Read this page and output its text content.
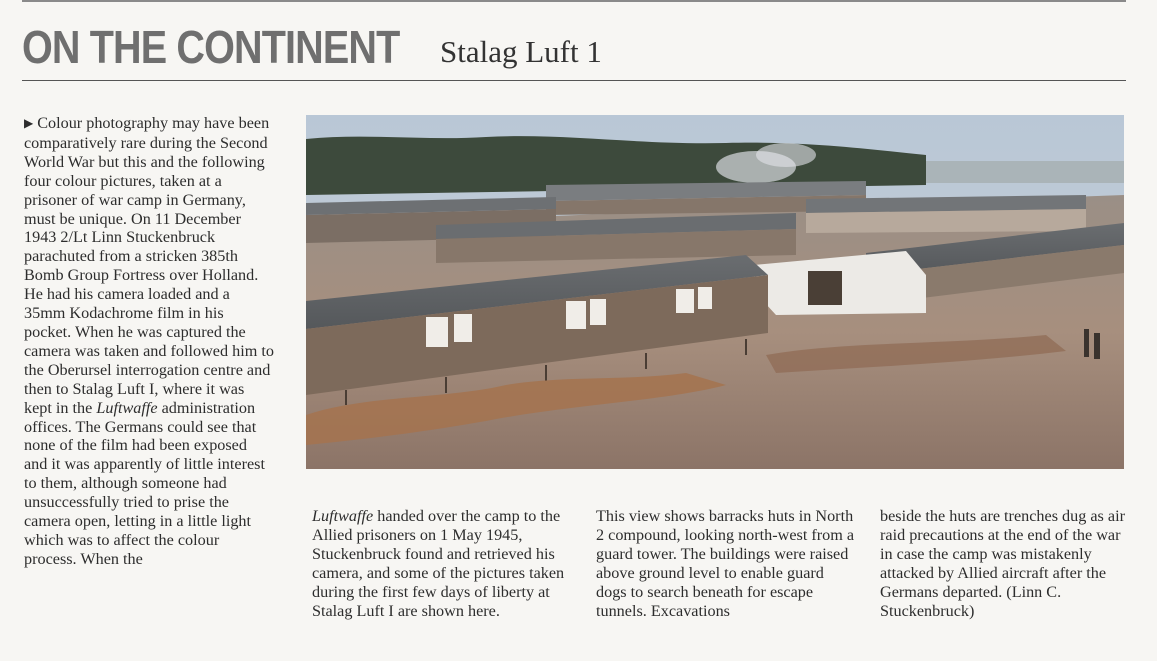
ON THE CONTINENT Stalag Luft 1

▶ Colour photography may have been comparatively rare during the Second World War but this and the following four colour pictures, taken at a prisoner of war camp in Germany, must be unique. On 11 December 1943 2/Lt Linn Stuckenbruck parachuted from a stricken 385th Bomb Group Fortress over Holland. He had his camera loaded and a 35mm Kodachrome film in his pocket. When he was captured the camera was taken and followed him to the Oberursel interrogation centre and then to Stalag Luft I, where it was kept in the Luftwaffe administration offices. The Germans could see that none of the film had been exposed and it was apparently of little interest to them, although someone had unsuccessfully tried to prise the camera open, letting in a little light which was to affect the colour process. When the

Luftwaffe handed over the camp to the Allied prisoners on 1 May 1945, Stuckenbruck found and retrieved his camera, and some of the pictures taken during the first few days of liberty at Stalag Luft I are shown here.

This view shows barracks huts in North 2 compound, looking north-west from a guard tower. The buildings were raised above ground level to enable guard dogs to search beneath for escape tunnels. Excavations

beside the huts are trenches dug as air raid precautions at the end of the war in case the camp was mistakenly attacked by Allied aircraft after the Germans departed. (Linn C. Stuckenbruck)
